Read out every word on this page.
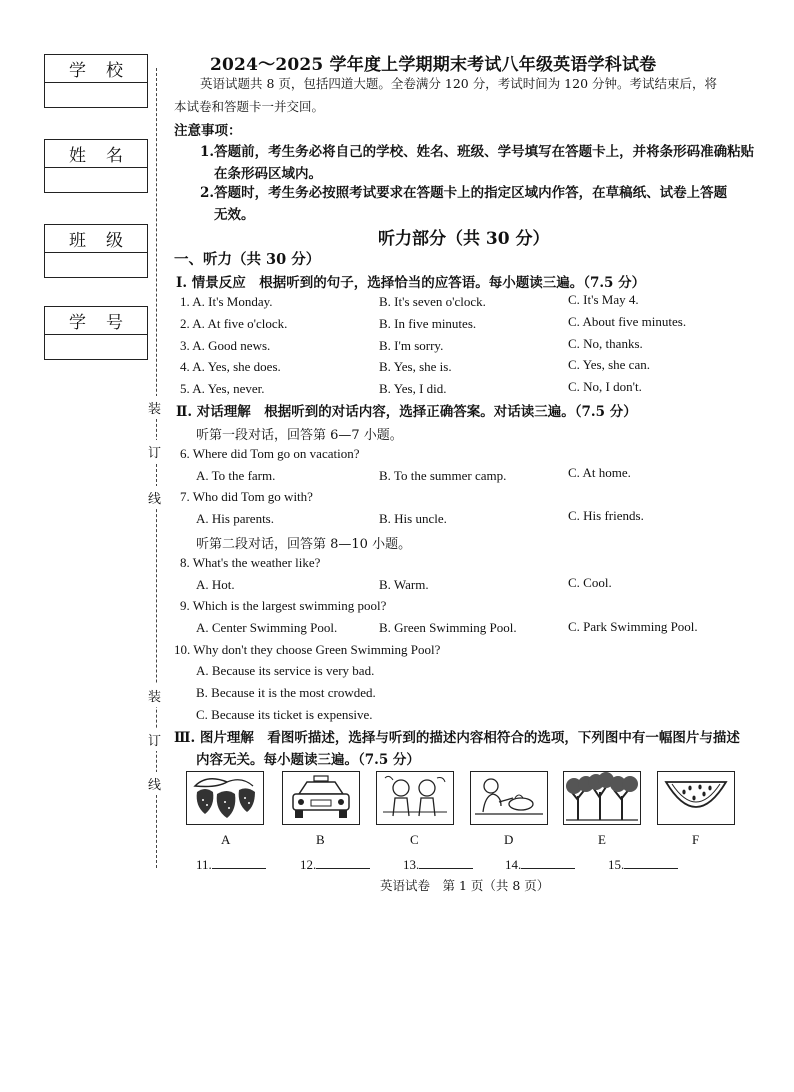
学 校
姓 名
班 级
学 号
装
订
线
装
订
线
2024～2025 学年度上学期期末考试八年级英语学科试卷
英语试题共 8 页，包括四道大题。全卷满分 120 分，考试时间为 120 分钟。考试结束后，将
本试卷和答题卡一并交回。
注意事项：
1.答题前，考生务必将自己的学校、姓名、班级、学号填写在答题卡上，并将条形码准确粘贴
在条形码区域内。
2.答题时，考生务必按照考试要求在答题卡上的指定区域内作答，在草稿纸、试卷上答题
无效。
听力部分（共 30 分）
一、听力（共 30 分）
Ⅰ. 情景反应　根据听到的句子，选择恰当的应答语。每小题读三遍。（7.5 分）
1. A. It's Monday.	B. It's seven o'clock.	C. It's May 4.
2. A. At five o'clock.	B. In five minutes.	C. About five minutes.
3. A. Good news.	B. I'm sorry.	C. No, thanks.
4. A. Yes, she does.	B. Yes, she is.	C. Yes, she can.
5. A. Yes, never.	B. Yes, I did.	C. No, I don't.
Ⅱ. 对话理解　根据听到的对话内容，选择正确答案。对话读三遍。（7.5 分）
听第一段对话，回答第 6—7 小题。
6. Where did Tom go on vacation?
A. To the farm.	B. To the summer camp.	C. At home.
7. Who did Tom go with?
A. His parents.	B. His uncle.	C. His friends.
听第二段对话，回答第 8—10 小题。
8. What's the weather like?
A. Hot.	B. Warm.	C. Cool.
9. Which is the largest swimming pool?
A. Center Swimming Pool.	B. Green Swimming Pool.	C. Park Swimming Pool.
10. Why don't they choose Green Swimming Pool?
A. Because its service is very bad.
B. Because it is the most crowded.
C. Because its ticket is expensive.
Ⅲ. 图片理解　看图听描述，选择与听到的描述内容相符合的选项，下列图中有一幅图片与描述
内容无关。每小题读三遍。（7.5 分）
A	B	C	D	E	F
11.	12.	13.	14.	15.
英语试卷　第 1 页（共 8 页）
